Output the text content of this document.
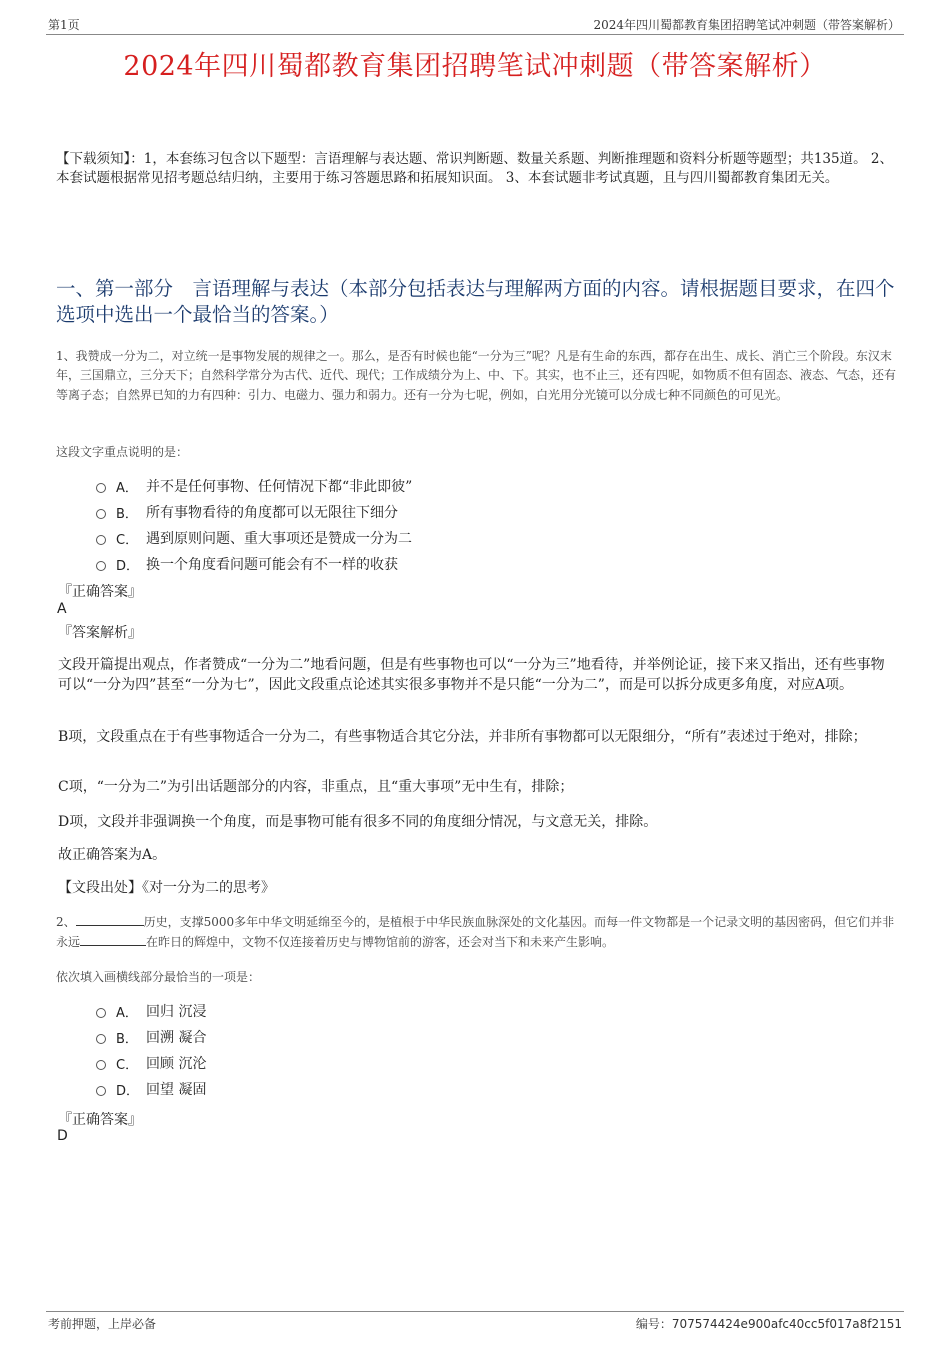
第1页	2024年四川蜀都教育集团招聘笔试冲刺题（带答案解析）
2024年四川蜀都教育集团招聘笔试冲刺题（带答案解析）
【下载须知】：1，本套练习包含以下题型：言语理解与表达题、常识判断题、数量关系题、判断推理题和资料分析题等题型；共135道。 2、本套试题根据常见招考题总结归纳，主要用于练习答题思路和拓展知识面。 3、本套试题非考试真题，且与四川蜀都教育集团无关。
一、第一部分　言语理解与表达（本部分包括表达与理解两方面的内容。请根据题目要求，在四个选项中选出一个最恰当的答案。）
1、我赞成一分为二，对立统一是事物发展的规律之一。那么，是否有时候也能“一分为三”呢？凡是有生命的东西，都存在出生、成长、消亡三个阶段。东汉末年，三国鼎立，三分天下；自然科学常分为古代、近代、现代；工作成绩分为上、中、下。其实，也不止三，还有四呢，如物质不但有固态、液态、气态，还有等离子态；自然界已知的力有四种：引力、电磁力、强力和弱力。还有一分为七呢，例如，白光用分光镜可以分成七种不同颜色的可见光。
这段文字重点说明的是：
A． 并不是任何事物、任何情况下都“非此即彼”
B． 所有事物看待的角度都可以无限往下细分
C． 遇到原则问题、重大事项还是赞成一分为二
D． 换一个角度看问题可能会有不一样的收获
『正确答案』
A
『答案解析』
文段开篇提出观点，作者赞成“一分为二”地看问题，但是有些事物也可以“一分为三”地看待，并举例论证，接下来又指出，还有些事物可以“一分为四”甚至“一分为七”，因此文段重点论述其实很多事物并不是只能“一分为二”，而是可以拆分成更多角度，对应A项。
B项，文段重点在于有些事物适合一分为二，有些事物适合其它分法，并非所有事物都可以无限细分，“所有”表述过于绝对，排除；
C项，“一分为二”为引出话题部分的内容，非重点，且“重大事项”无中生有，排除；
D项，文段并非强调换一个角度，而是事物可能有很多不同的角度细分情况，与文意无关，排除。
故正确答案为A。
【文段出处】《对一分为二的思考》
2、	历史，支撑5000多年中华文明延绵至今的，是植根于中华民族血脉深处的文化基因。而每一件文物都是一个记录文明的基因密码，但它们并非永远	在昨日的辉煌中，文物不仅连接着历史与博物馆前的游客，还会对当下和未来产生影响。
依次填入画横线部分最恰当的一项是：
A． 回归 沉浸
B． 回溯 凝合
C． 回顾 沉沦
D． 回望 凝固
『正确答案』
D
考前押题，上岸必备	编号：707574424e900afc40cc5f017a8f2151
